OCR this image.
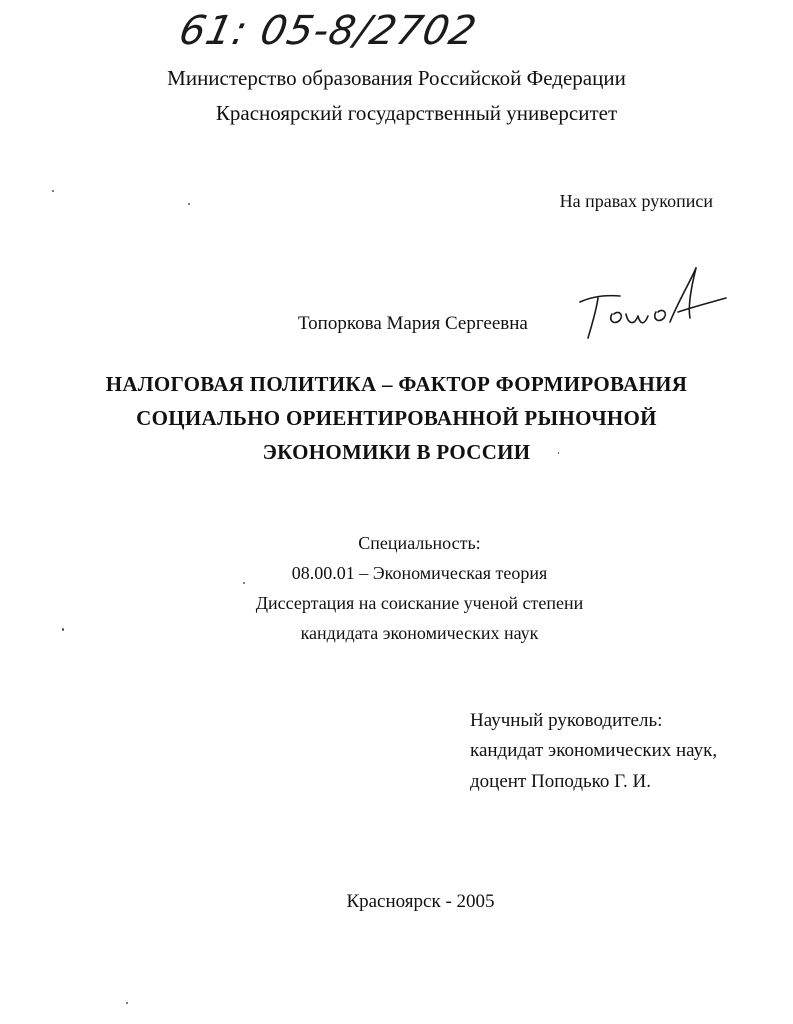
61: 05-8/2702
Министерство образования Российской Федерации
Красноярский государственный университет
На правах рукописи
Топоркова Мария Сергеевна
НАЛОГОВАЯ ПОЛИТИКА – ФАКТОР ФОРМИРОВАНИЯ
СОЦИАЛЬНО ОРИЕНТИРОВАННОЙ РЫНОЧНОЙ
ЭКОНОМИКИ В РОССИИ
Специальность:
08.00.01 – Экономическая теория
Диссертация на соискание ученой степени
кандидата экономических наук
Научный руководитель:
кандидат экономических наук,
доцент Поподько Г. И.
Красноярск - 2005
